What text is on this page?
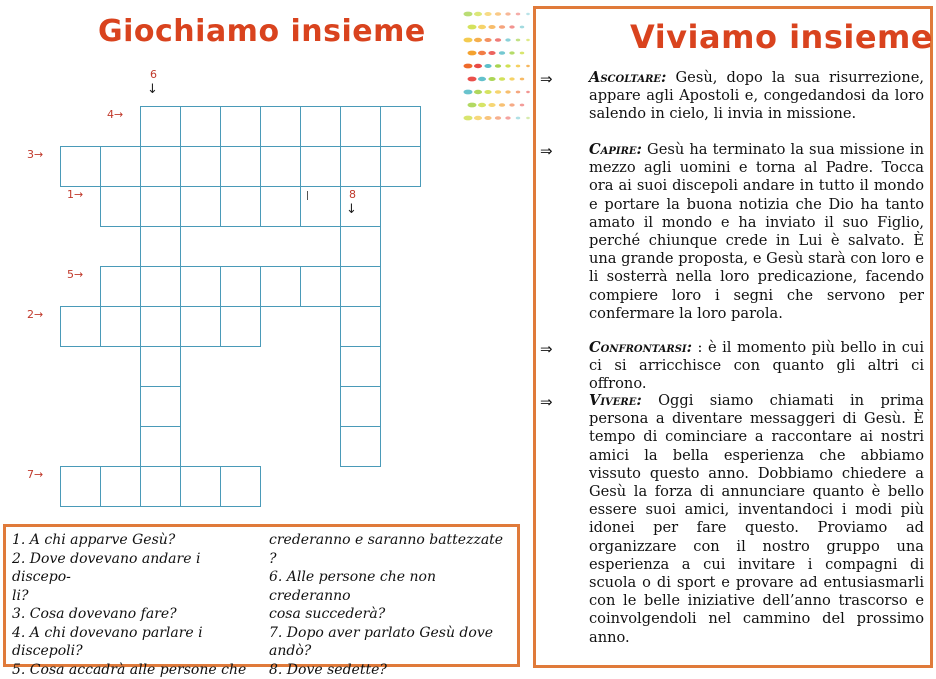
Giochiamo insieme
4→
3→
1→
5→
2→
7→
6
↓
8
↓
1. A chi apparve Gesù?
2. Dove dovevano andare i discepo-
li?
3. Cosa dovevano fare?
4. A chi dovevano parlare i
discepoli?
5. Cosa accadrà alle persone che
crederanno e saranno battezzate ?
6. Alle persone che non crederanno
cosa succederà?
7. Dopo aver parlato Gesù dove
andò?
8. Dove sedette?
Viviamo insieme
⇒ Ascoltare: Gesù, dopo la sua risurrezione, appare agli Apostoli e, congedandosi da loro salendo in cielo, li invia in missione.
⇒ Capire: Gesù ha terminato la sua missione in mezzo agli uomini e torna al Padre. Tocca ora ai suoi discepoli andare in tutto il mondo e portare la buona notizia che Dio ha tanto amato il mondo e ha inviato il suo Figlio, perché chiunque crede in Lui è salvato. È una grande proposta, e Gesù starà con loro e li sosterrà nella loro predicazione, facendo compiere loro i segni che servono per confermare la loro parola.
⇒ Confrontarsi: : è il momento più bello in cui ci si arricchisce con quanto gli altri ci offrono.
⇒ Vivere: Oggi siamo chiamati in prima persona a diventare messaggeri di Gesù. È tempo di cominciare a raccontare ai nostri amici la bella esperienza che abbiamo vissuto questo anno. Dobbiamo chiedere a Gesù la forza di annunciare quanto è bello essere suoi amici, inventandoci i modi più idonei per fare questo. Proviamo ad organizzare con il nostro gruppo una esperienza a cui invitare i compagni di scuola o di sport e provare ad entusiasmarli con le belle iniziative dell’anno trascorso e coinvolgendoli nel cammino del prossimo anno.
